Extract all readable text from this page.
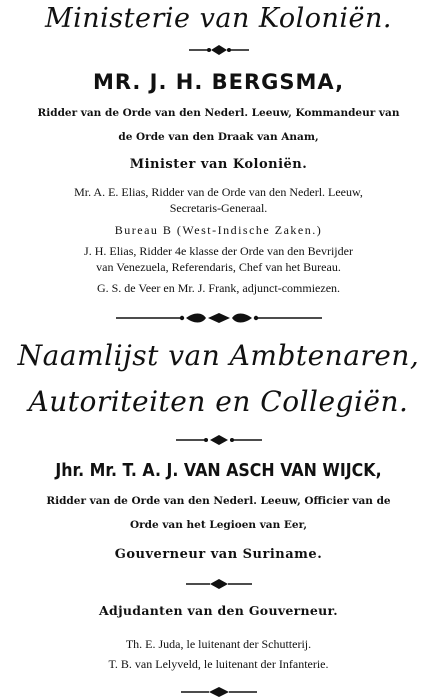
Ministerie van Koloniën.
MR. J. H. BERGSMA,
Ridder van de Orde van den Nederl. Leeuw, Kommandeur van
de Orde van den Draak van Anam,
Minister van Koloniën.
Mr. A. E. Elias, Ridder van de Orde van den Nederl. Leeuw,
Secretaris-Generaal.
Bureau B (West-Indische Zaken.)
J. H. Elias, Ridder 4e klasse der Orde van den Bevrijder
van Venezuela, Referendaris, Chef van het Bureau.
G. S. de Veer en Mr. J. Frank, adjunct-commiezen.
Naamlijst van Ambtenaren,
Autoriteiten en Collegiën.
Jhr. Mr. T. A. J. VAN ASCH VAN WIJCK,
Ridder van de Orde van den Nederl. Leeuw, Officier van de
Orde van het Legioen van Eer,
Gouverneur van Suriname.
Adjudanten van den Gouverneur.
Th. E. Juda, le luitenant der Schutterij.
T. B. van Lelyveld, le luitenant der Infanterie.
